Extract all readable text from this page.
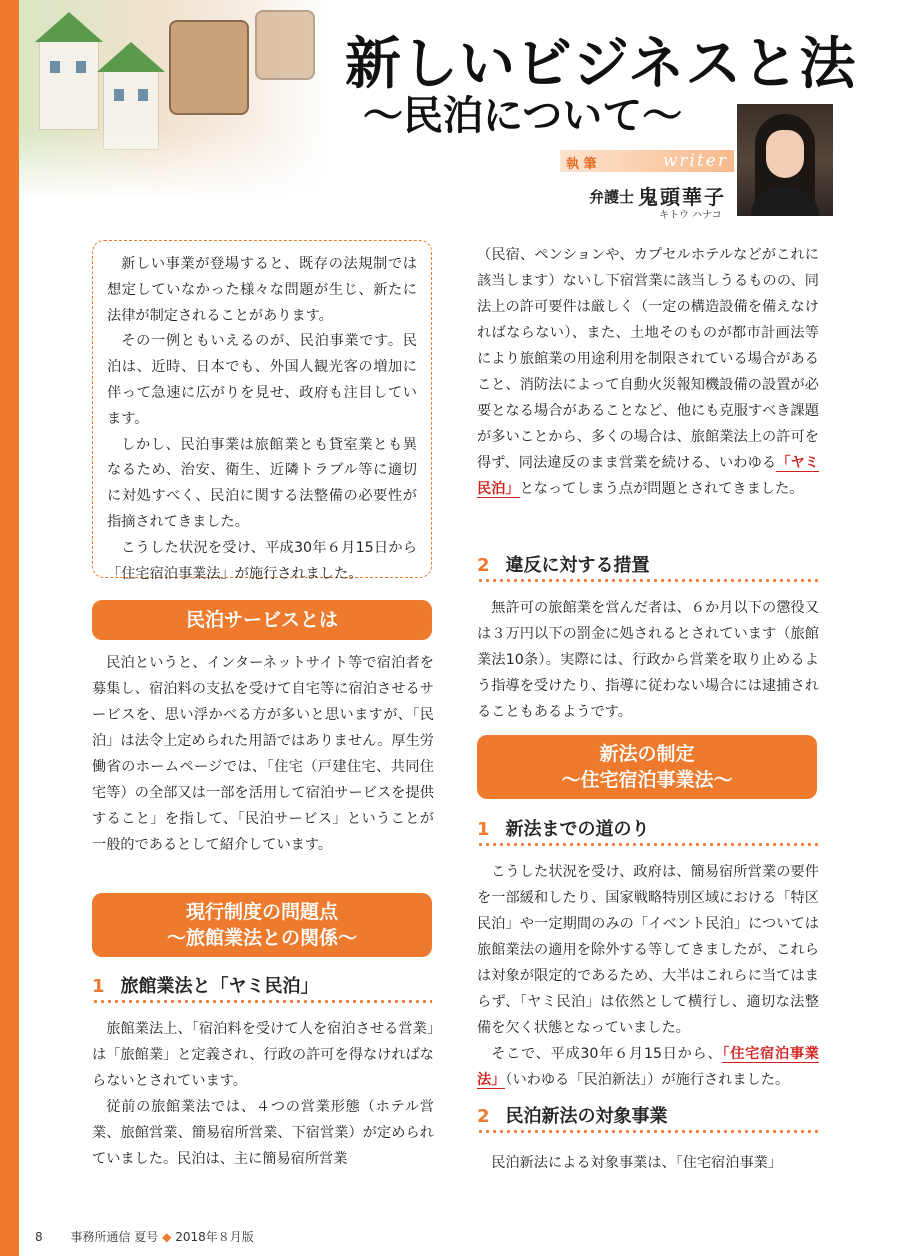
新しいビジネスと法
〜民泊について〜
執 筆	writer
弁護士 鬼頭華子
キトウ ハナコ

新しい事業が登場すると、既存の法規制では想定していなかった様々な問題が生じ、新たに法律が制定されることがあります。

その一例ともいえるのが、民泊事業です。民泊は、近時、日本でも、外国人観光客の増加に伴って急速に広がりを見せ、政府も注目しています。

しかし、民泊事業は旅館業とも貸室業とも異なるため、治安、衛生、近隣トラブル等に適切に対処すべく、民泊に関する法整備の必要性が指摘されてきました。

こうした状況を受け、平成30年６月15日から「住宅宿泊事業法」が施行されました。

民泊サービスとは

民泊というと、インターネットサイト等で宿泊者を募集し、宿泊料の支払を受けて自宅等に宿泊させるサービスを、思い浮かべる方が多いと思いますが、「民泊」は法令上定められた用語ではありません。厚生労働省のホームページでは、「住宅（戸建住宅、共同住宅等）の全部又は一部を活用して宿泊サービスを提供すること」を指して、「民泊サービス」ということが一般的であるとして紹介しています。

現行制度の問題点
〜旅館業法との関係〜
1 旅館業法と「ヤミ民泊」

旅館業法上、「宿泊料を受けて人を宿泊させる営業」は「旅館業」と定義され、行政の許可を得なければならないとされています。

従前の旅館業法では、４つの営業形態（ホテル営業、旅館営業、簡易宿所営業、下宿営業）が定められていました。民泊は、主に簡易宿所営業

（民宿、ペンションや、カプセルホテルなどがこれに該当します）ないし下宿営業に該当しうるものの、同法上の許可要件は厳しく（一定の構造設備を備えなければならない）、また、土地そのものが都市計画法等により旅館業の用途利用を制限されている場合があること、消防法によって自動火災報知機設備の設置が必要となる場合があることなど、他にも克服すべき課題が多いことから、多くの場合は、旅館業法上の許可を得ず、同法違反のまま営業を続ける、いわゆる「ヤミ民泊」となってしまう点が問題とされてきました。

2 違反に対する措置

無許可の旅館業を営んだ者は、６か月以下の懲役又は３万円以下の罰金に処されるとされています（旅館業法10条）。実際には、行政から営業を取り止めるよう指導を受けたり、指導に従わない場合には逮捕されることもあるようです。

新法の制定
〜住宅宿泊事業法〜
1 新法までの道のり

こうした状況を受け、政府は、簡易宿所営業の要件を一部緩和したり、国家戦略特別区域における「特区民泊」や一定期間のみの「イベント民泊」については旅館業法の適用を除外する等してきましたが、これらは対象が限定的であるため、大半はこれらに当てはまらず、「ヤミ民泊」は依然として横行し、適切な法整備を欠く状態となっていました。

そこで、平成30年６月15日から、「住宅宿泊事業法」（いわゆる「民泊新法」）が施行されました。

2 民泊新法の対象事業

民泊新法による対象事業は、「住宅宿泊事業」

8 事務所通信 夏号 ◆ 2018年８月版
